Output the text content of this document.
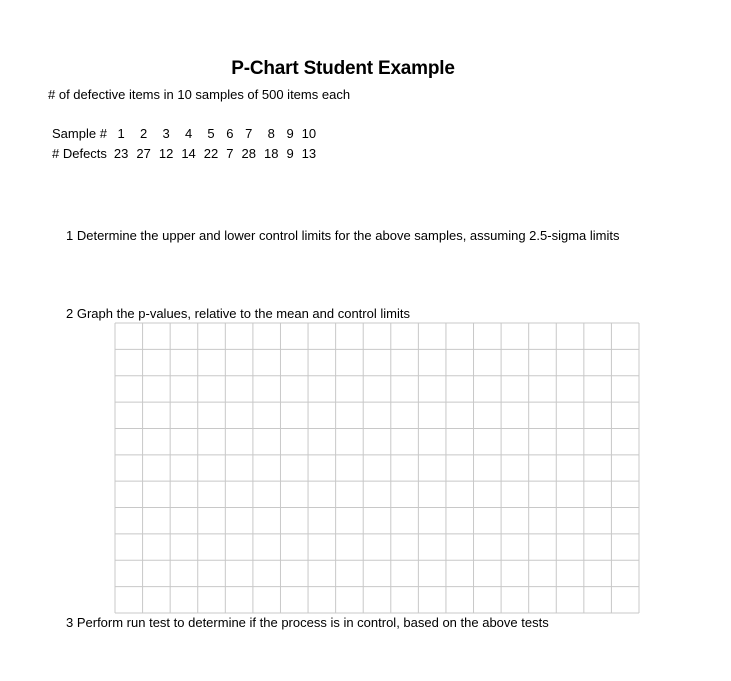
P-Chart Student Example
# of defective items in 10 samples of 500 items each
Sample #	1	2	3	4	5	6	7	8	9	10
# Defects	23	27	12	14	22	7	28	18	9	13
1 Determine the upper and lower control limits for the above samples, assuming 2.5-sigma limits
2 Graph the p-values, relative to the mean and control limits
3 Perform run test to determine if the process is in control, based on the above tests
